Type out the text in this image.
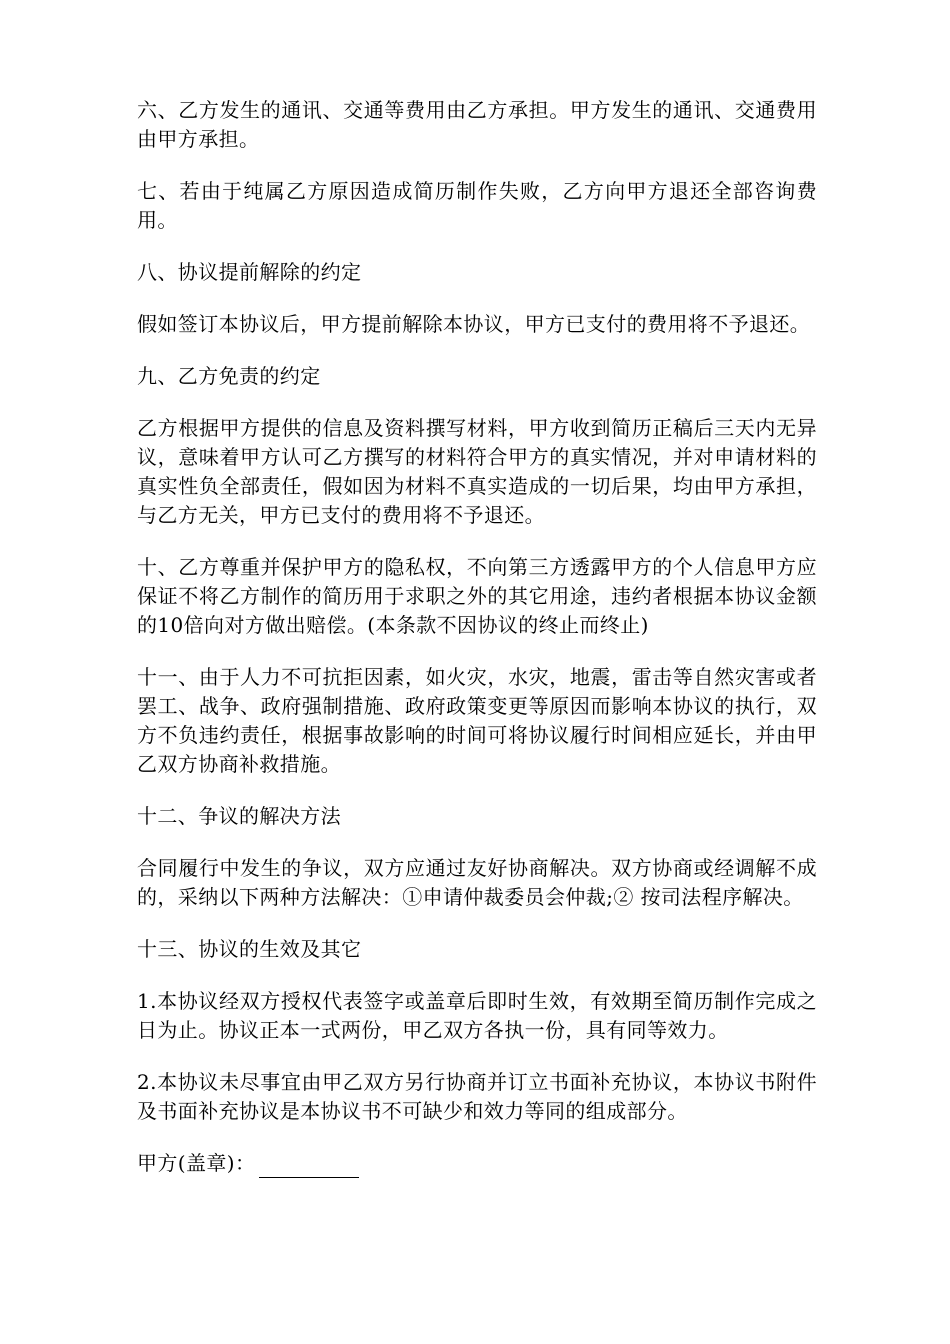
六、乙方发生的通讯、交通等费用由乙方承担。甲方发生的通讯、交通费用由甲方承担。

七、若由于纯属乙方原因造成简历制作失败，乙方向甲方退还全部咨询费用。

八、协议提前解除的约定

假如签订本协议后，甲方提前解除本协议，甲方已支付的费用将不予退还。

九、乙方免责的约定

乙方根据甲方提供的信息及资料撰写材料，甲方收到简历正稿后三天内无异议，意味着甲方认可乙方撰写的材料符合甲方的真实情况，并对申请材料的真实性负全部责任，假如因为材料不真实造成的一切后果，均由甲方承担，与乙方无关，甲方已支付的费用将不予退还。

十、乙方尊重并保护甲方的隐私权，不向第三方透露甲方的个人信息甲方应保证不将乙方制作的简历用于求职之外的其它用途，违约者根据本协议金额的10倍向对方做出赔偿。(本条款不因协议的终止而终止)

十一、由于人力不可抗拒因素，如火灾，水灾，地震，雷击等自然灾害或者罢工、战争、政府强制措施、政府政策变更等原因而影响本协议的执行，双方不负违约责任，根据事故影响的时间可将协议履行时间相应延长，并由甲乙双方协商补救措施。

十二、争议的解决方法

合同履行中发生的争议，双方应通过友好协商解决。双方协商或经调解不成的，采纳以下两种方法解决：①申请仲裁委员会仲裁;② 按司法程序解决。

十三、协议的生效及其它

1.本协议经双方授权代表签字或盖章后即时生效，有效期至简历制作完成之日为止。协议正本一式两份，甲乙双方各执一份，具有同等效力。

2.本协议未尽事宜由甲乙双方另行协商并订立书面补充协议，本协议书附件及书面补充协议是本协议书不可缺少和效力等同的组成部分。

甲方(盖章)：
